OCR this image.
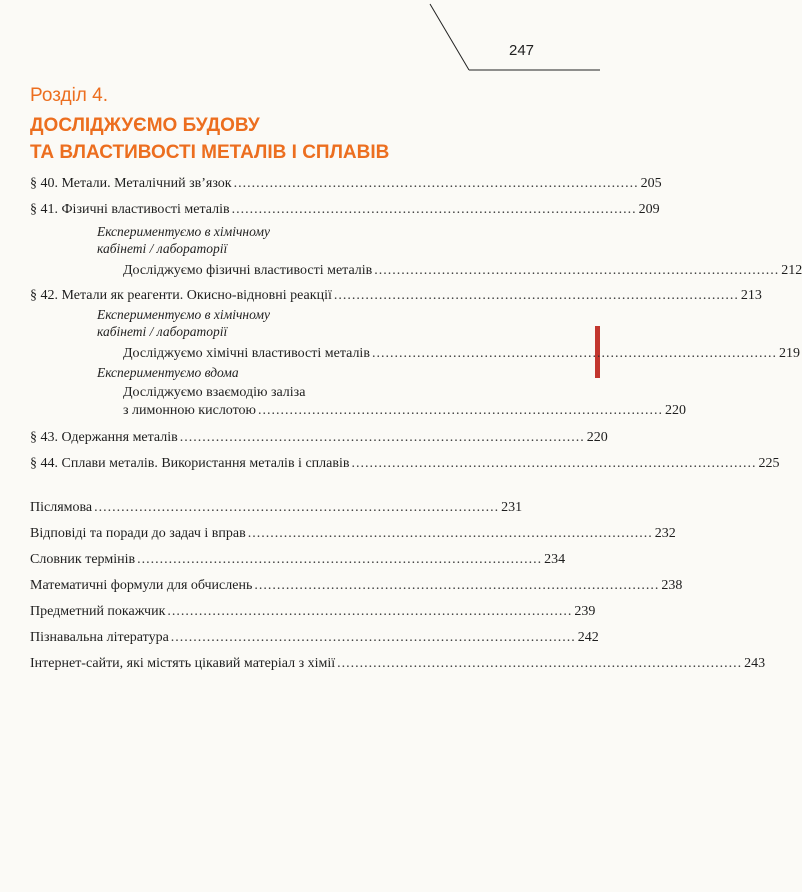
247
Розділ 4.
ДОСЛІДЖУЄМО БУДОВУ
ТА ВЛАСТИВОСТІ МЕТАЛІВ І СПЛАВІВ
§ 40. Метали. Металічний зв’язок .......................................................................................... 205
§ 41. Фізичні властивості металів .......................................................................................... 209
Експериментуємо в хімічному
кабінеті / лабораторії
Досліджуємо фізичні властивості металів .......................................................................................... 212
§ 42. Метали як реагенти. Окисно-відновні реакції .......................................................................................... 213
Експериментуємо в хімічному
кабінеті / лабораторії
Досліджуємо хімічні властивості металів .......................................................................................... 219
Експериментуємо вдома
Досліджуємо взаємодію заліза
з лимонною кислотою .......................................................................................... 220
§ 43. Одержання металів .......................................................................................... 220
§ 44. Сплави металів. Використання металів і сплавів .......................................................................................... 225
Післямова .......................................................................................... 231
Відповіді та поради до задач і вправ .......................................................................................... 232
Словник термінів .......................................................................................... 234
Математичні формули для обчислень .......................................................................................... 238
Предметний покажчик .......................................................................................... 239
Пізнавальна література .......................................................................................... 242
Інтернет-сайти, які містять цікавий матеріал з хімії .......................................................................................... 243
